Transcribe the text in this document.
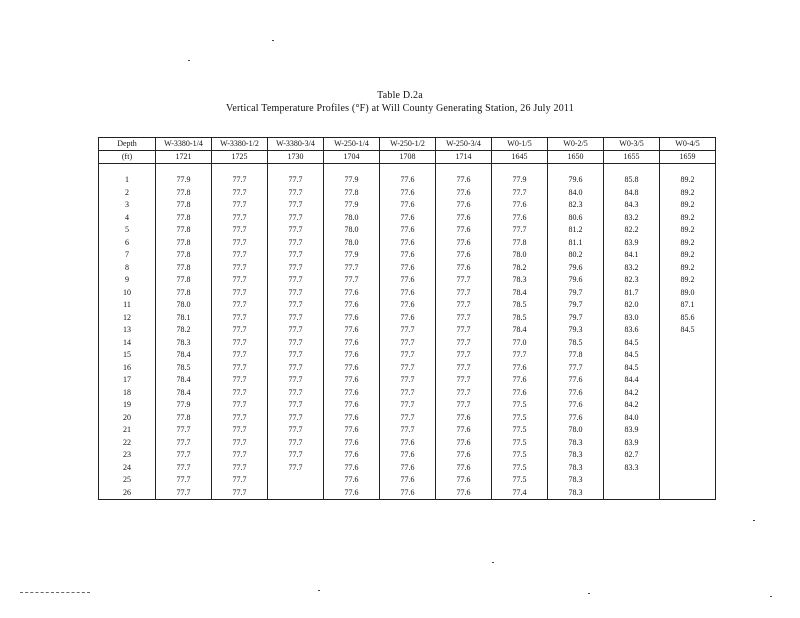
Table D.2a
Vertical Temperature Profiles (°F) at Will County Generating Station, 26 July 2011
Depth	W-3380-1/4	W-3380-1/2	W-3380-3/4	W-250-1/4	W-250-1/2	W-250-3/4	W0-1/5	W0-2/5	W0-3/5	W0-4/5
(ft)	1721	1725	1730	1704	1708	1714	1645	1650	1655	1659

1	77.9	77.7	77.7	77.9	77.6	77.6	77.9	79.6	85.8	89.2
2	77.8	77.7	77.7	77.8	77.6	77.6	77.7	84.0	84.8	89.2
3	77.8	77.7	77.7	77.9	77.6	77.6	77.6	82.3	84.3	89.2
4	77.8	77.7	77.7	78.0	77.6	77.6	77.6	80.6	83.2	89.2
5	77.8	77.7	77.7	78.0	77.6	77.6	77.7	81.2	82.2	89.2
6	77.8	77.7	77.7	78.0	77.6	77.6	77.8	81.1	83.9	89.2
7	77.8	77.7	77.7	77.9	77.6	77.6	78.0	80.2	84.1	89.2
8	77.8	77.7	77.7	77.7	77.6	77.6	78.2	79.6	83.2	89.2
9	77.8	77.7	77.7	77.7	77.6	77.7	78.3	79.6	82.3	89.2
10	77.8	77.7	77.7	77.6	77.6	77.7	78.4	79.7	81.7	89.0
11	78.0	77.7	77.7	77.6	77.6	77.7	78.5	79.7	82.0	87.1
12	78.1	77.7	77.7	77.6	77.6	77.7	78.5	79.7	83.0	85.6
13	78.2	77.7	77.7	77.6	77.7	77.7	78.4	79.3	83.6	84.5
14	78.3	77.7	77.7	77.6	77.7	77.7	77.0	78.5	84.5	
15	78.4	77.7	77.7	77.6	77.7	77.7	77.7	77.8	84.5	
16	78.5	77.7	77.7	77.6	77.7	77.7	77.6	77.7	84.5	
17	78.4	77.7	77.7	77.6	77.7	77.7	77.6	77.6	84.4	
18	78.4	77.7	77.7	77.6	77.7	77.7	77.6	77.6	84.2	
19	77.9	77.7	77.7	77.6	77.7	77.7	77.5	77.6	84.2	
20	77.8	77.7	77.7	77.6	77.7	77.6	77.5	77.6	84.0	
21	77.7	77.7	77.7	77.6	77.7	77.6	77.5	78.0	83.9	
22	77.7	77.7	77.7	77.6	77.6	77.6	77.5	78.3	83.9	
23	77.7	77.7	77.7	77.6	77.6	77.6	77.5	78.3	82.7	
24	77.7	77.7	77.7	77.6	77.6	77.6	77.5	78.3	83.3	
25	77.7	77.7		77.6	77.6	77.6	77.5	78.3		
26	77.7	77.7		77.6	77.6	77.6	77.4	78.3		
